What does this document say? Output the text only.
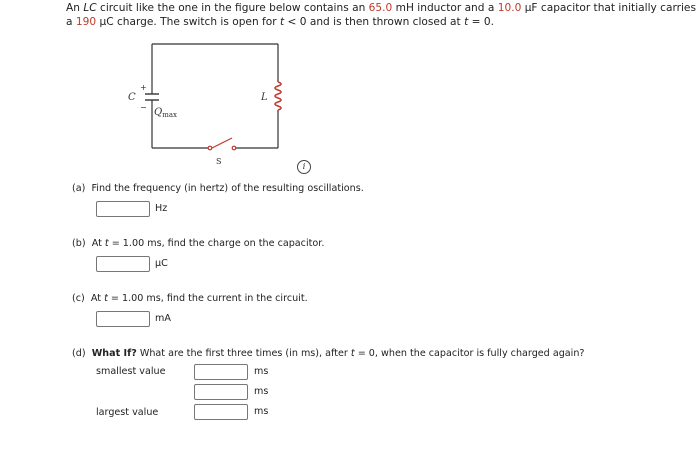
An LC circuit like the one in the figure below contains an 65.0 mH inductor and a 10.0 μF capacitor that initially carries a 190 μC charge. The switch is open for t < 0 and is then thrown closed at t = 0.
C
+
− $Q_{max}$
L
S
i
(a) Find the frequency (in hertz) of the resulting oscillations.
Hz
(b) At t = 1.00 ms, find the charge on the capacitor.
μC
(c) At t = 1.00 ms, find the current in the circuit.
mA
(d) What If? What are the first three times (in ms), after t = 0, when the capacitor is fully charged again?
smallest value	ms
ms
largest value	ms
